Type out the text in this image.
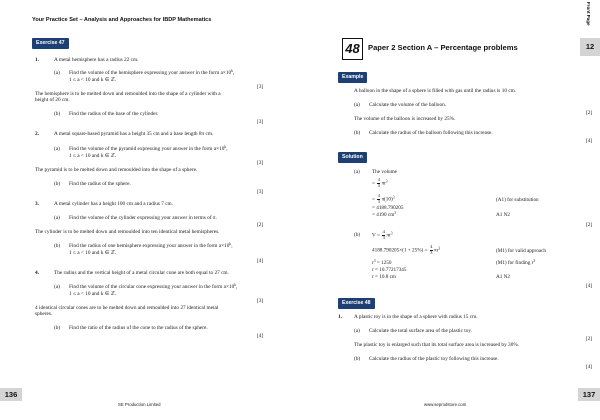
Your Practice Set – Analysis and Approaches for IBDP Mathematics
Exercise 47
1.	A metal hemisphere has a radius 22 cm.
(a) Find the volume of the hemisphere expressing your answer in the form $a\times 10^k$,
1 ≤ a < 10 and k ∈ ℤ.
[3]
The hemisphere is to be melted down and remoulded into the shape of a cylinder with a
height of 26 cm.
(b) Find the radius of the base of the cylinder.
[3]
2.	A metal square-based pyramid has a height 35 cm and a base length 8π cm.
(a) Find the volume of the pyramid expressing your answer in the form $a\times 10^k$,
1 ≤ a < 10 and k ∈ ℤ.
[3]
The pyramid is to be melted down and remoulded into the shape of a sphere.
(b) Find the radius of the sphere.
[3]
3.	A metal cylinder has a height 100 cm and a radius 7 cm.
(a) Find the volume of the cylinder expressing your answer in terms of π.
[2]
The cylinder is to be melted down and remoulded into ten identical metal hemispheres.
(b) Find the radius of one hemisphere expressing your answer in the form $a\times 10^k$,
1 ≤ a < 10 and k ∈ ℤ.
[4]
4.	The radius and the vertical height of a metal circular cone are both equal to 27 cm.
(a) Find the volume of the circular cone expressing your answer in the form $a\times 10^k$,
1 ≤ a < 10 and k ∈ ℤ.
[3]
4 identical circular cones are to be melted down and remoulded into 27 identical metal
spheres.
(b) Find the ratio of the radius of the cone to the radius of the sphere.
[4]
136
SE Production Limited
Front Page
48	Paper 2 Section A – Percentage problems	12
Example
A balloon in the shape of a sphere is filled with gas until the radius is 10 cm.
(a) Calculate the volume of the balloon.
[2]
The volume of the balloon is increased by 25%.
(b) Calculate the radius of the balloon following this increase.
[4]
Solution
(a) The volume
= $\frac{4}{3} \pi r^3$
= $\frac{4}{3} \pi(10)^3$	(A1) for substitution
= 4188.790205
= 4190 $cm^3$	A1 N2
[2]
(b) $V = \frac{4}{3} \pi r^3$
$4188.790205\times(1 + 25\%) = \frac{4}{3} \pi r^3$	(M1) for valid approach
$r^3 = 1250$	(M1) for finding $r^3$
r = 10.77217345
r = 10.8 cm	A1 N2
[4]
Exercise 48
1. A plastic toy is in the shape of a sphere with radius 15 cm.
(a) Calculate the total surface area of the plastic toy.
[2]
The plastic toy is enlarged such that its total surface area is increased by 30%.
(b) Calculate the radius of the plastic toy following this increase.
[4]
137
www.seprodstore.com
